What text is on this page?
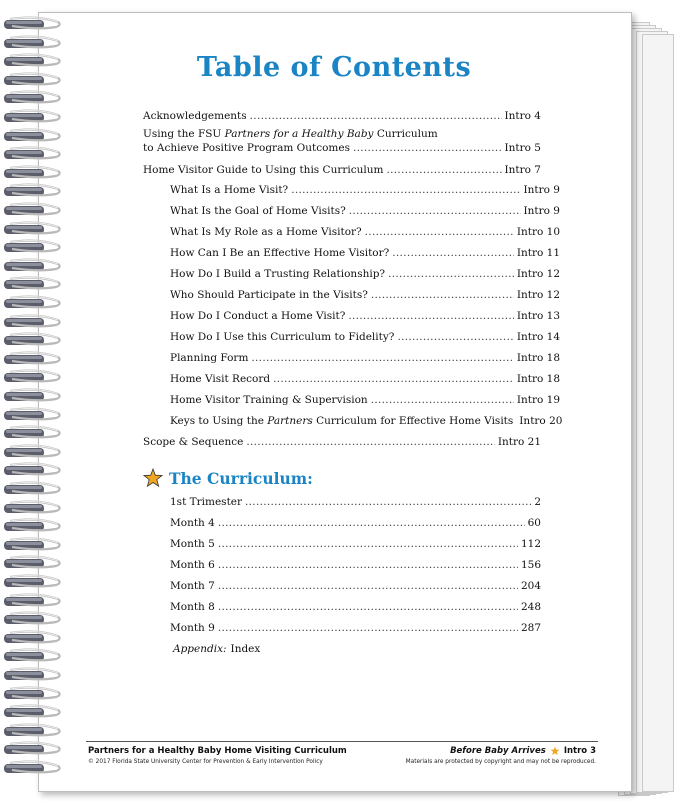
Table of Contents
Acknowledgements .....	Intro 4
Using the FSU Partners for a Healthy Baby Curriculum
to Achieve Positive Program Outcomes .....	Intro 5
Home Visitor Guide to Using this Curriculum .....	Intro 7
What Is a Home Visit? .....	Intro 9
What Is the Goal of Home Visits? .....	Intro 9
What Is My Role as a Home Visitor? .....	Intro 10
How Can I Be an Effective Home Visitor? .....	Intro 11
How Do I Build a Trusting Relationship? .....	Intro 12
Who Should Participate in the Visits? .....	Intro 12
How Do I Conduct a Home Visit? .....	Intro 13
How Do I Use this Curriculum to Fidelity? .....	Intro 14
Planning Form .....	Intro 18
Home Visit Record .....	Intro 18
Home Visitor Training & Supervision .....	Intro 19
Keys to Using the Partners Curriculum for Effective Home Visits Intro 20
Scope & Sequence .....	Intro 21
The Curriculum:
1st Trimester .....	2
Month 4 .....	60
Month 5 .....	112
Month 6 .....	156
Month 7 .....	204
Month 8 .....	248
Month 9 .....	287
Appendix: Index
Partners for a Healthy Baby Home Visiting Curriculum
© 2017 Florida State University Center for Prevention & Early Intervention Policy
Before Baby Arrives Intro 3
Materials are protected by copyright and may not be reproduced.
